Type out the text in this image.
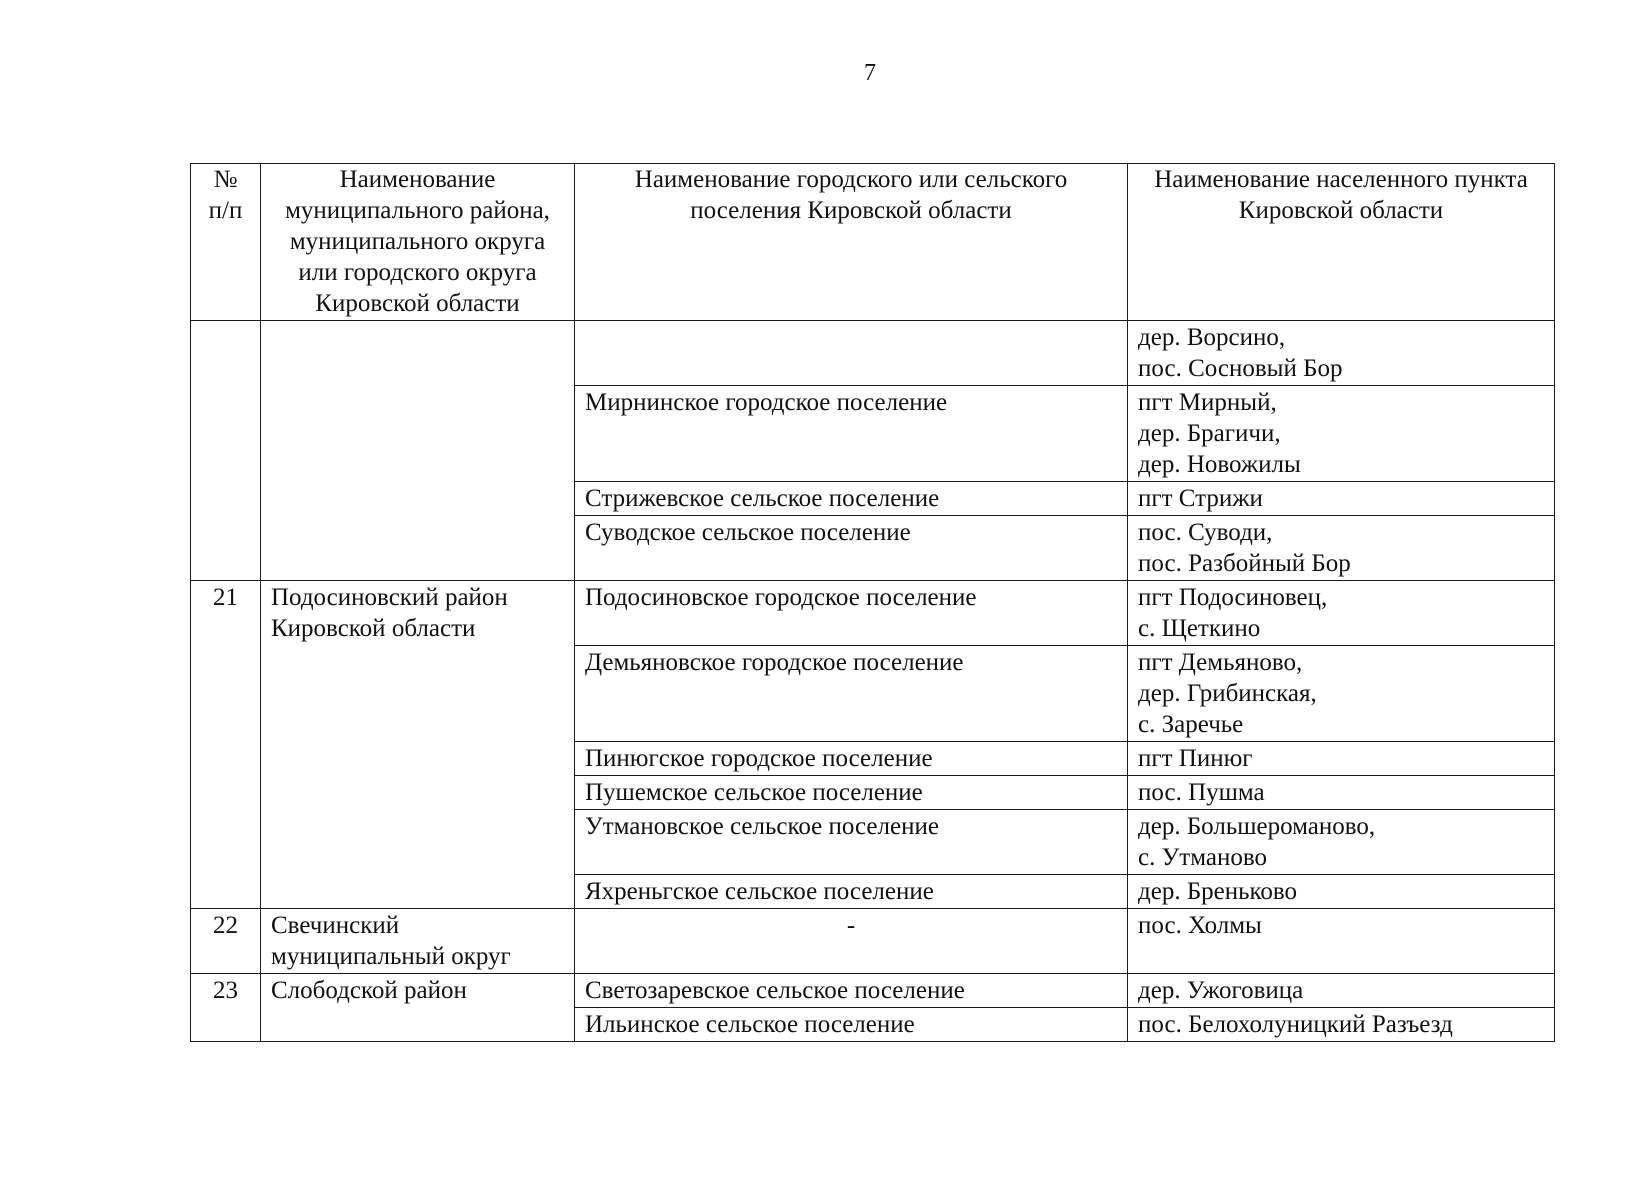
7
№ п/п	Наименование муниципального района, муниципального округа или городского округа Кировской области	Наименование городского или сельского поселения Кировской области	Наименование населенного пункта Кировской области

			дер. Ворсино,
пос. Сосновый Бор

		Мирнинское городское поселение	пгт Мирный,
дер. Брагичи,
дер. Новожилы

		Стрижевское сельское поселение	пгт Стрижи

		Суводское сельское поселение	пос. Суводи,
пос. Разбойный Бор

21	Подосиновский район Кировской области	Подосиновское городское поселение	пгт Подосиновец,
с. Щеткино

		Демьяновское городское поселение	пгт Демьяново,
дер. Грибинская,
с. Заречье

		Пинюгское городское поселение	пгт Пинюг

		Пушемское сельское поселение	пос. Пушма

		Утмановское сельское поселение	дер. Большероманово,
с. Утманово

		Яхреньгское сельское поселение	дер. Бреньково

22	Свечинский муниципальный округ	-	пос. Холмы

23	Слободской район	Светозаревское сельское поселение	дер. Ужоговица

		Ильинское сельское поселение	пос. Белохолуницкий Разъезд
